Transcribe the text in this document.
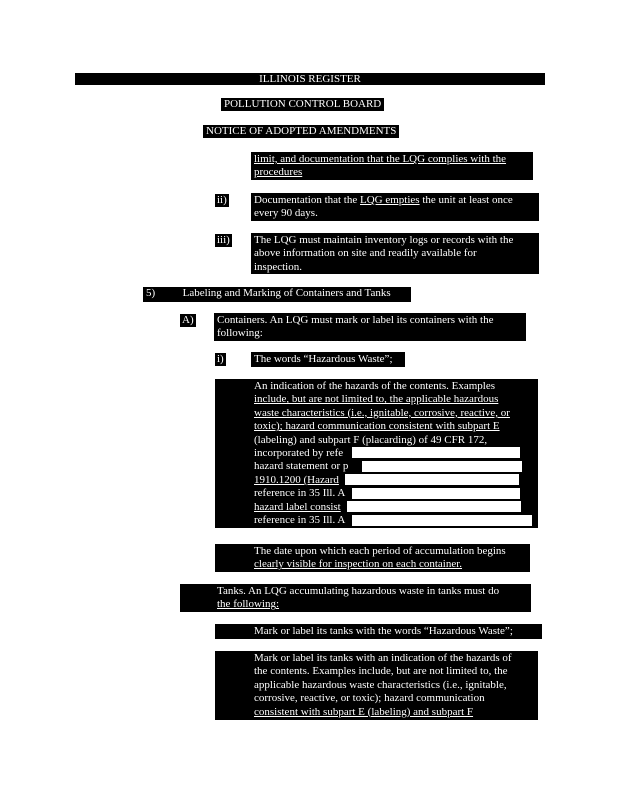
ILLINOIS REGISTER
POLLUTION CONTROL BOARD
NOTICE OF ADOPTED AMENDMENTS
limit, and documentation that the LQG complies with the
procedures
ii) Documentation that the LQG empties the unit at least once
every 90 days.
iii) The LQG must maintain inventory logs or records with the
above information on site and readily available for
inspection.
5)	Labeling and Marking of Containers and Tanks
A) Containers. An LQG must mark or label its containers with the
following:
i)	The words “Hazardous Waste”;
An indication of the hazards of the contents. Examples
include, but are not limited to, the applicable hazardous
waste characteristics (i.e., ignitable, corrosive, reactive, or
toxic); hazard communication consistent with subpart E
(labeling) and subpart F (placarding) of 49 CFR 172,
incorporated by refe
hazard statement or p
1910.1200 (Hazard
reference in 35 Ill. A
hazard label consist
reference in 35 Ill. A
The date upon which each period of accumulation begins
clearly visible for inspection on each container.
Tanks. An LQG accumulating hazardous waste in tanks must do
the following:
Mark or label its tanks with the words “Hazardous Waste”;
Mark or label its tanks with an indication of the hazards of
the contents. Examples include, but are not limited to, the
applicable hazardous waste characteristics (i.e., ignitable,
corrosive, reactive, or toxic); hazard communication
consistent with subpart E (labeling) and subpart F
